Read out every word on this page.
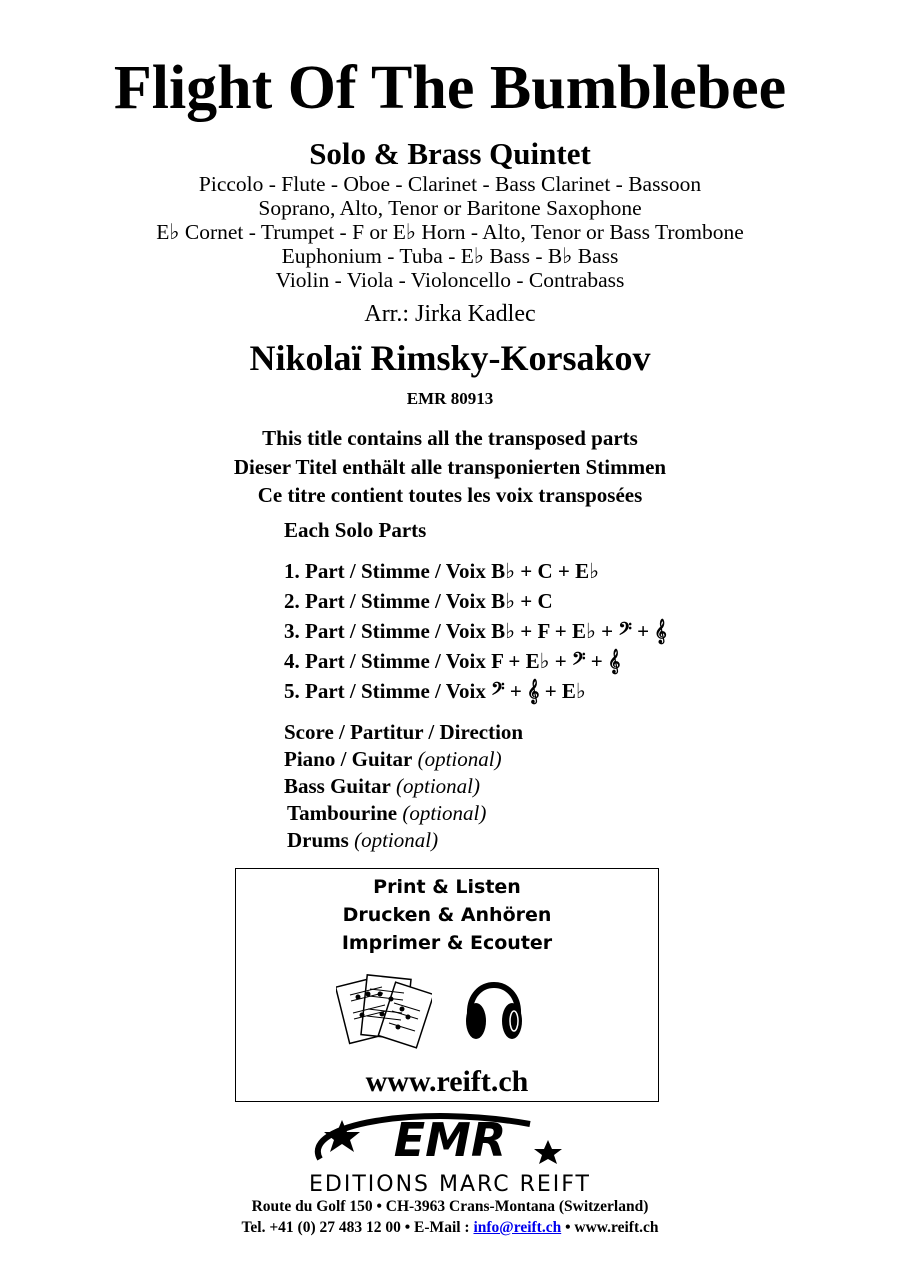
Flight Of The Bumblebee
Solo & Brass Quintet
Piccolo - Flute - Oboe - Clarinet - Bass Clarinet - Bassoon
Soprano, Alto, Tenor or Baritone Saxophone
E♭ Cornet - Trumpet - F or E♭ Horn - Alto, Tenor or Bass Trombone
Euphonium - Tuba - E♭ Bass - B♭ Bass
Violin - Viola - Violoncello - Contrabass
Arr.: Jirka Kadlec
Nikolaï Rimsky-Korsakov
EMR 80913
This title contains all the transposed parts
Dieser Titel enthält alle transponierten Stimmen
Ce titre contient toutes les voix transposées
Each Solo Parts
1. Part / Stimme / Voix B♭ + C + E♭
2. Part / Stimme / Voix B♭ + C
3. Part / Stimme / Voix B♭ + F + E♭ + 𝄢 + 𝄞
4. Part / Stimme / Voix F + E♭ + 𝄢 + 𝄞
5. Part / Stimme / Voix 𝄢 + 𝄞 + E♭
Score / Partitur / Direction
Piano / Guitar (optional)
Bass Guitar (optional)
Tambourine (optional)
Drums (optional)
Print & Listen
Drucken & Anhören
Imprimer & Ecouter
www.reift.ch
EMR
EDITIONS MARC REIFT
Route du Golf 150 • CH-3963 Crans-Montana (Switzerland)
Tel. +41 (0) 27 483 12 00 • E-Mail : info@reift.ch • www.reift.ch
